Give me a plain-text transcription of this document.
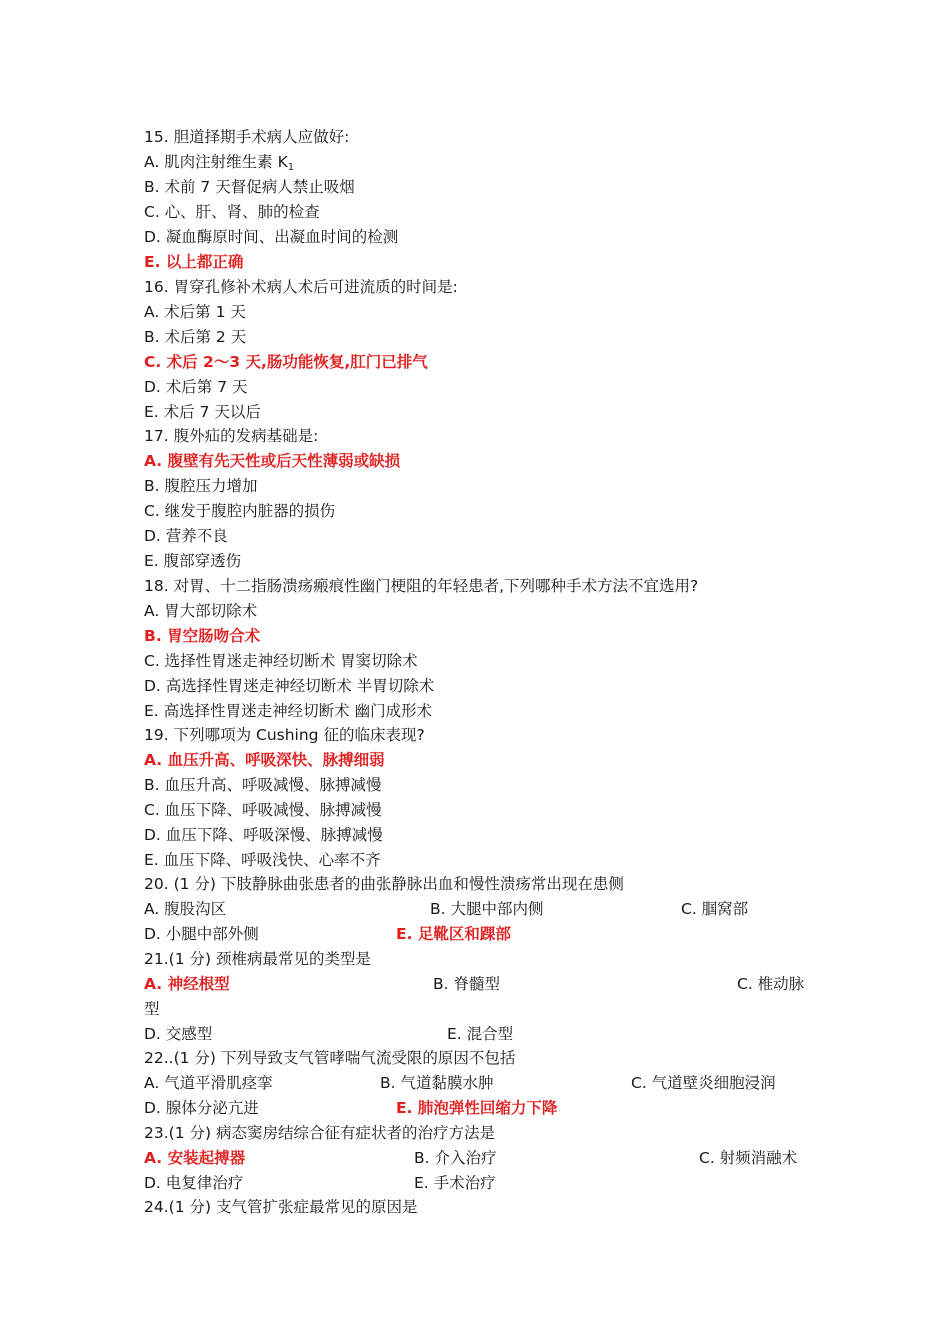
15. 胆道择期手术病人应做好:
A. 肌肉注射维生素 $K_1$
B. 术前 7 天督促病人禁止吸烟
C. 心、肝、肾、肺的检查
D. 凝血酶原时间、出凝血时间的检测
E. 以上都正确
16. 胃穿孔修补术病人术后可进流质的时间是:
A. 术后第 1 天
B. 术后第 2 天
C. 术后 2～3 天,肠功能恢复,肛门已排气
D. 术后第 7 天
E. 术后 7 天以后
17. 腹外疝的发病基础是:
A. 腹壁有先天性或后天性薄弱或缺损
B. 腹腔压力增加
C. 继发于腹腔内脏器的损伤
D. 营养不良
E. 腹部穿透伤
18. 对胃、十二指肠溃疡瘢痕性幽门梗阻的年轻患者,下列哪种手术方法不宜选用?
A. 胃大部切除术
B. 胃空肠吻合术
C. 选择性胃迷走神经切断术 胃窦切除术
D. 高选择性胃迷走神经切断术 半胃切除术
E. 高选择性胃迷走神经切断术 幽门成形术
19. 下列哪项为 Cushing 征的临床表现?
A. 血压升高、呼吸深快、脉搏细弱
B. 血压升高、呼吸减慢、脉搏减慢
C. 血压下降、呼吸减慢、脉搏减慢
D. 血压下降、呼吸深慢、脉搏减慢
E. 血压下降、呼吸浅快、心率不齐
20. (1 分) 下肢静脉曲张患者的曲张静脉出血和慢性溃疡常出现在患侧
A. 腹股沟区	B. 大腿中部内侧	C. 腘窝部
D. 小腿中部外侧	E. 足靴区和踝部
21.(1 分) 颈椎病最常见的类型是
A. 神经根型	B. 脊髓型	C. 椎动脉
型
D. 交感型	E. 混合型
22..(1 分) 下列导致支气管哮喘气流受限的原因不包括
A. 气道平滑肌痉挛	B. 气道黏膜水肿	C. 气道壁炎细胞浸润
D. 腺体分泌亢进	E. 肺泡弹性回缩力下降
23.(1 分) 病态窦房结综合征有症状者的治疗方法是
A. 安装起搏器	B. 介入治疗	C. 射频消融术
D. 电复律治疗	E. 手术治疗
24.(1 分) 支气管扩张症最常见的原因是
